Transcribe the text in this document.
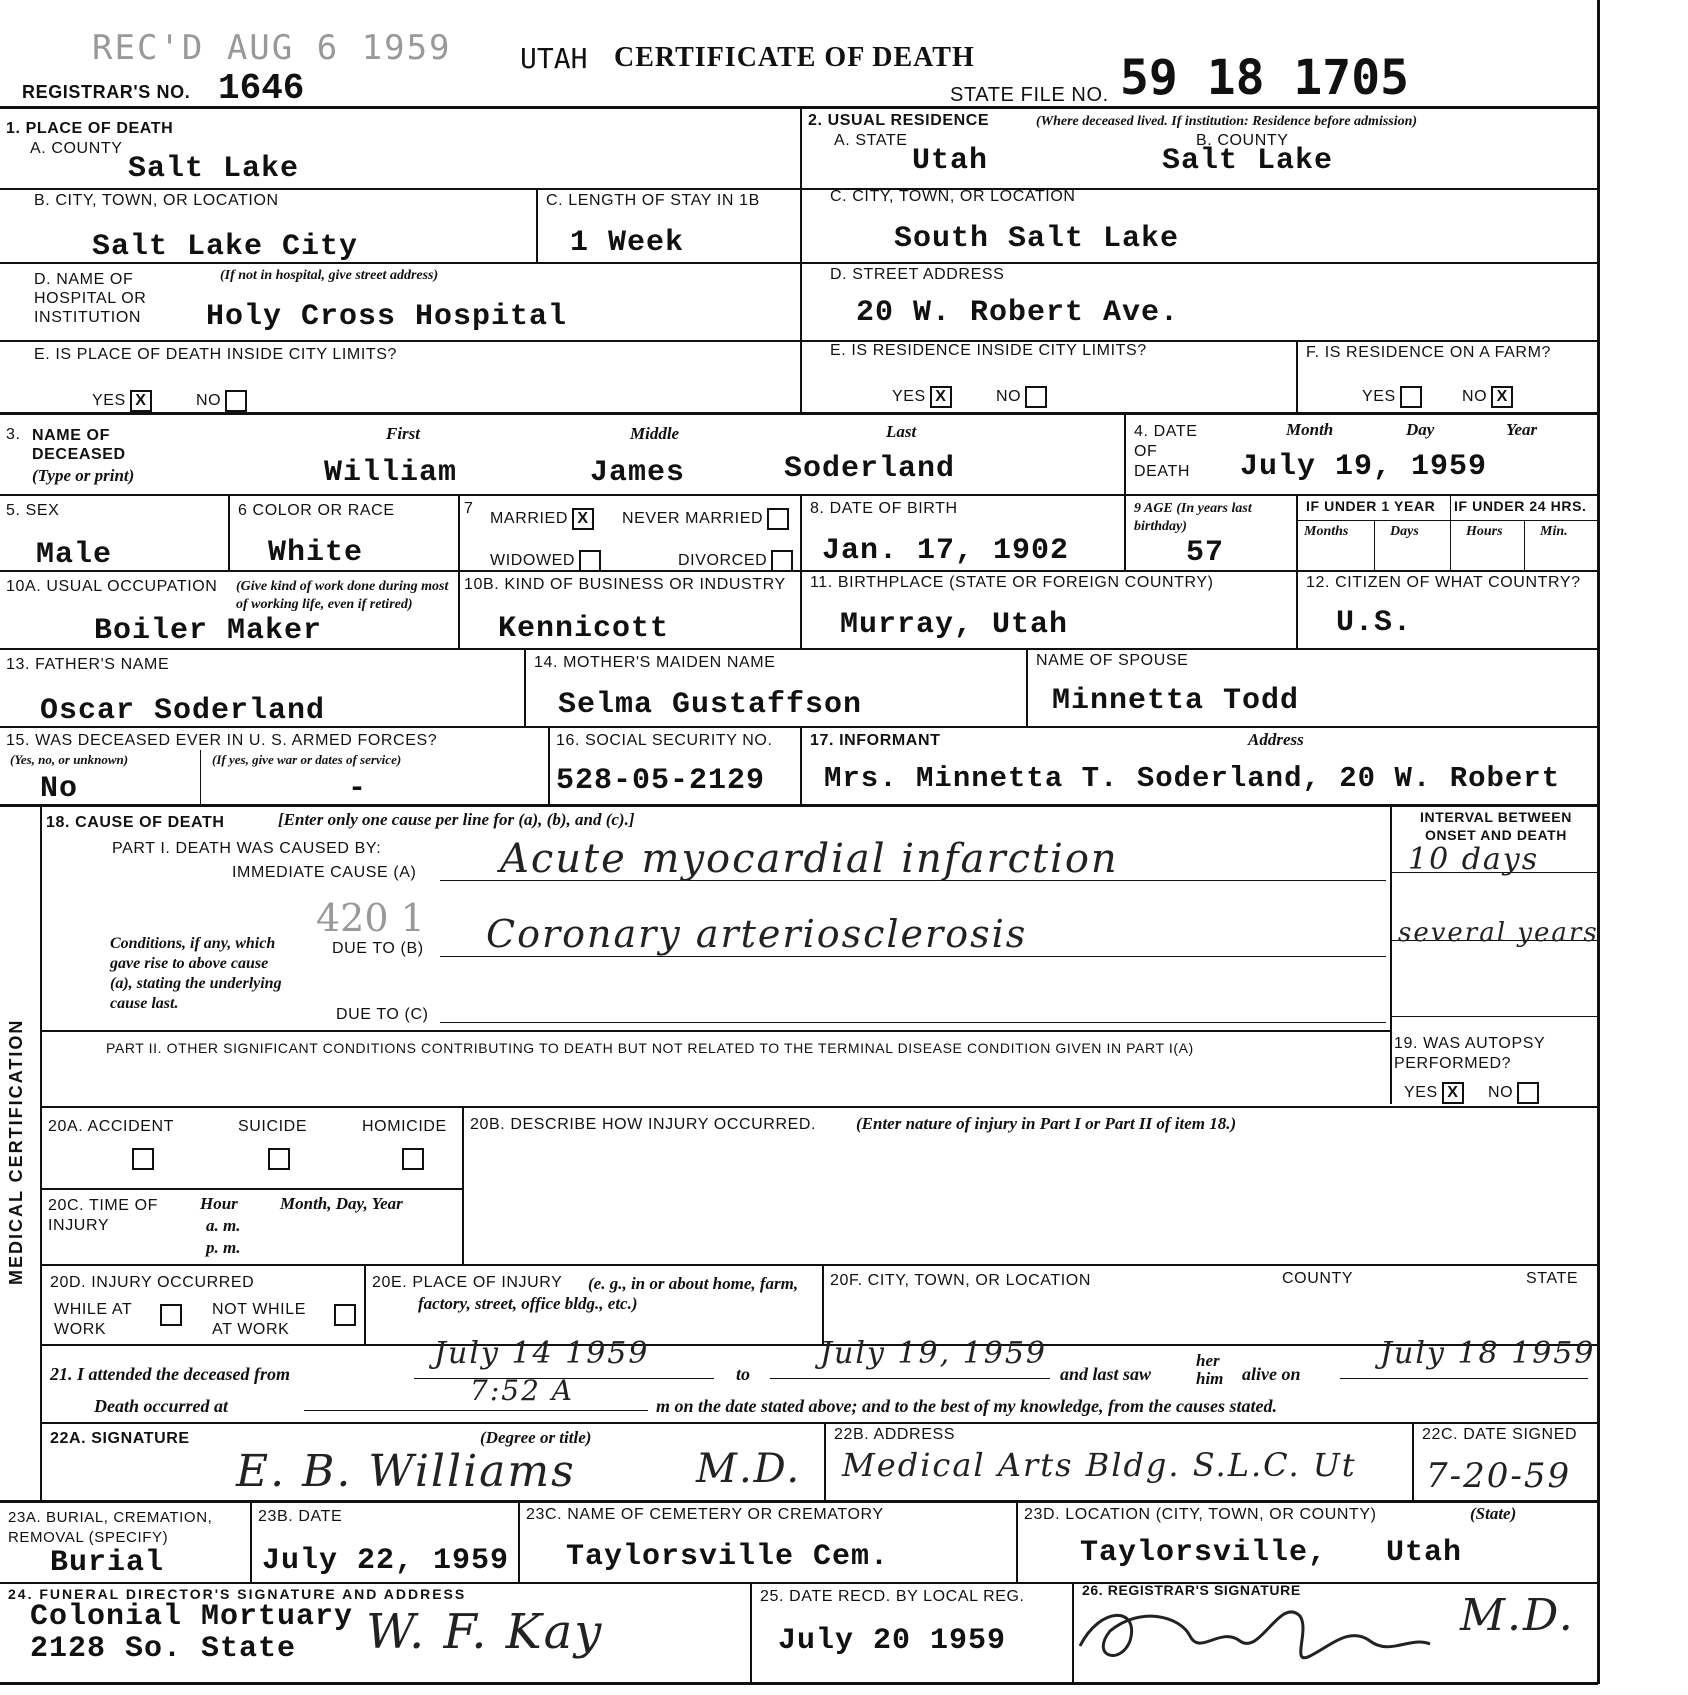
REC'D AUG 6 1959
REGISTRAR'S NO. 1646
UTAH CERTIFICATE OF DEATH
STATE FILE NO. 59 18 1705
1. PLACE OF DEATH
A. COUNTY
Salt Lake
2. USUAL RESIDENCE	(Where deceased lived. If institution: Residence before admission)
A. STATE
Utah
B. COUNTY
Salt Lake
B. CITY, TOWN, OR LOCATION
Salt Lake City
C. LENGTH OF STAY IN 1B
1 Week
C. CITY, TOWN, OR LOCATION
South Salt Lake
D. NAME OF HOSPITAL OR INSTITUTION
(If not in hospital, give street address)
Holy Cross Hospital
D. STREET ADDRESS
20 W. Robert Ave.
E. IS PLACE OF DEATH INSIDE CITY LIMITS?
YES X	NO
E. IS RESIDENCE INSIDE CITY LIMITS?
YES X	NO
F. IS RESIDENCE ON A FARM?
YES	NO X
3. NAME OF DECEASED
(Type or print)
First	Middle	Last
William	James	Soderland
4. DATE OF DEATH
Month	Day	Year
July 19, 1959
5. SEX
Male
6 COLOR OR RACE
White
7
MARRIED X	NEVER MARRIED
WIDOWED	DIVORCED
8. DATE OF BIRTH
Jan. 17, 1902
9 AGE (In years last birthday)
57
IF UNDER 1 YEAR IF UNDER 24 HRS.
Months	Days	Hours	Min.
10A. USUAL OCCUPATION (Give kind of work done during most of working life, even if retired)
Boiler Maker
10B. KIND OF BUSINESS OR INDUSTRY
Kennicott
11. BIRTHPLACE (STATE OR FOREIGN COUNTRY)
Murray, Utah
12. CITIZEN OF WHAT COUNTRY?
U.S.
13. FATHER'S NAME
Oscar Soderland
14. MOTHER'S MAIDEN NAME
Selma Gustaffson
NAME OF SPOUSE
Minnetta Todd
15. WAS DECEASED EVER IN U. S. ARMED FORCES?
(Yes, no, or unknown)	(If yes, give war or dates of service)
No	-
16. SOCIAL SECURITY NO.
528-05-2129
17. INFORMANT	Address
Mrs. Minnetta T. Soderland, 20 W. Robert
MEDICAL CERTIFICATION
18. CAUSE OF DEATH	[Enter only one cause per line for (a), (b), and (c).]
PART I. DEATH WAS CAUSED BY:
IMMEDIATE CAUSE (A) Acute myocardial infarction
INTERVAL BETWEEN ONSET AND DEATH
10 days
Conditions, if any, which gave rise to above cause (a), stating the underlying cause last.
420 1
DUE TO (B) Coronary arteriosclerosis	several years
DUE TO (C)
PART II. OTHER SIGNIFICANT CONDITIONS CONTRIBUTING TO DEATH BUT NOT RELATED TO THE TERMINAL DISEASE CONDITION GIVEN IN PART I(A)	19. WAS AUTOPSY PERFORMED?
YES X	NO
20A. ACCIDENT	SUICIDE	HOMICIDE 20B. DESCRIBE HOW INJURY OCCURRED. (Enter nature of injury in Part I or Part II of item 18.)
20C. TIME OF INJURY
Hour
a. m.
p. m.
Month, Day, Year
20D. INJURY OCCURRED
WHILE AT WORK
NOT WHILE AT WORK
20E. PLACE OF INJURY	(e. g., in or about home, farm, factory, street, office bldg., etc.)
20F. CITY, TOWN, OR LOCATION	COUNTY	STATE
21. I attended the deceased from
July 14 1959
to
July 19, 1959
and last saw
her him	alive on
July 18 1959
Death occurred at	7:52 A	m on the date stated above; and to the best of my knowledge, from the causes stated.
22A. SIGNATURE	(Degree or title)
E. B. Williams	M.D.
22B. ADDRESS
Medical Arts Bldg. S.L.C. Ut
22C. DATE SIGNED
7-20-59
23A. BURIAL, CREMATION, REMOVAL (SPECIFY)
Burial
23B. DATE
July 22, 1959
23C. NAME OF CEMETERY OR CREMATORY
Taylorsville Cem.
23D. LOCATION (CITY, TOWN, OR COUNTY)	(State)
Taylorsville, Utah
24. FUNERAL DIRECTOR'S SIGNATURE AND ADDRESS
Colonial Mortuary
2128 So. State W. F. Kay
25. DATE RECD. BY LOCAL REG.
July 20 1959
26. REGISTRAR'S SIGNATURE	M.D.
